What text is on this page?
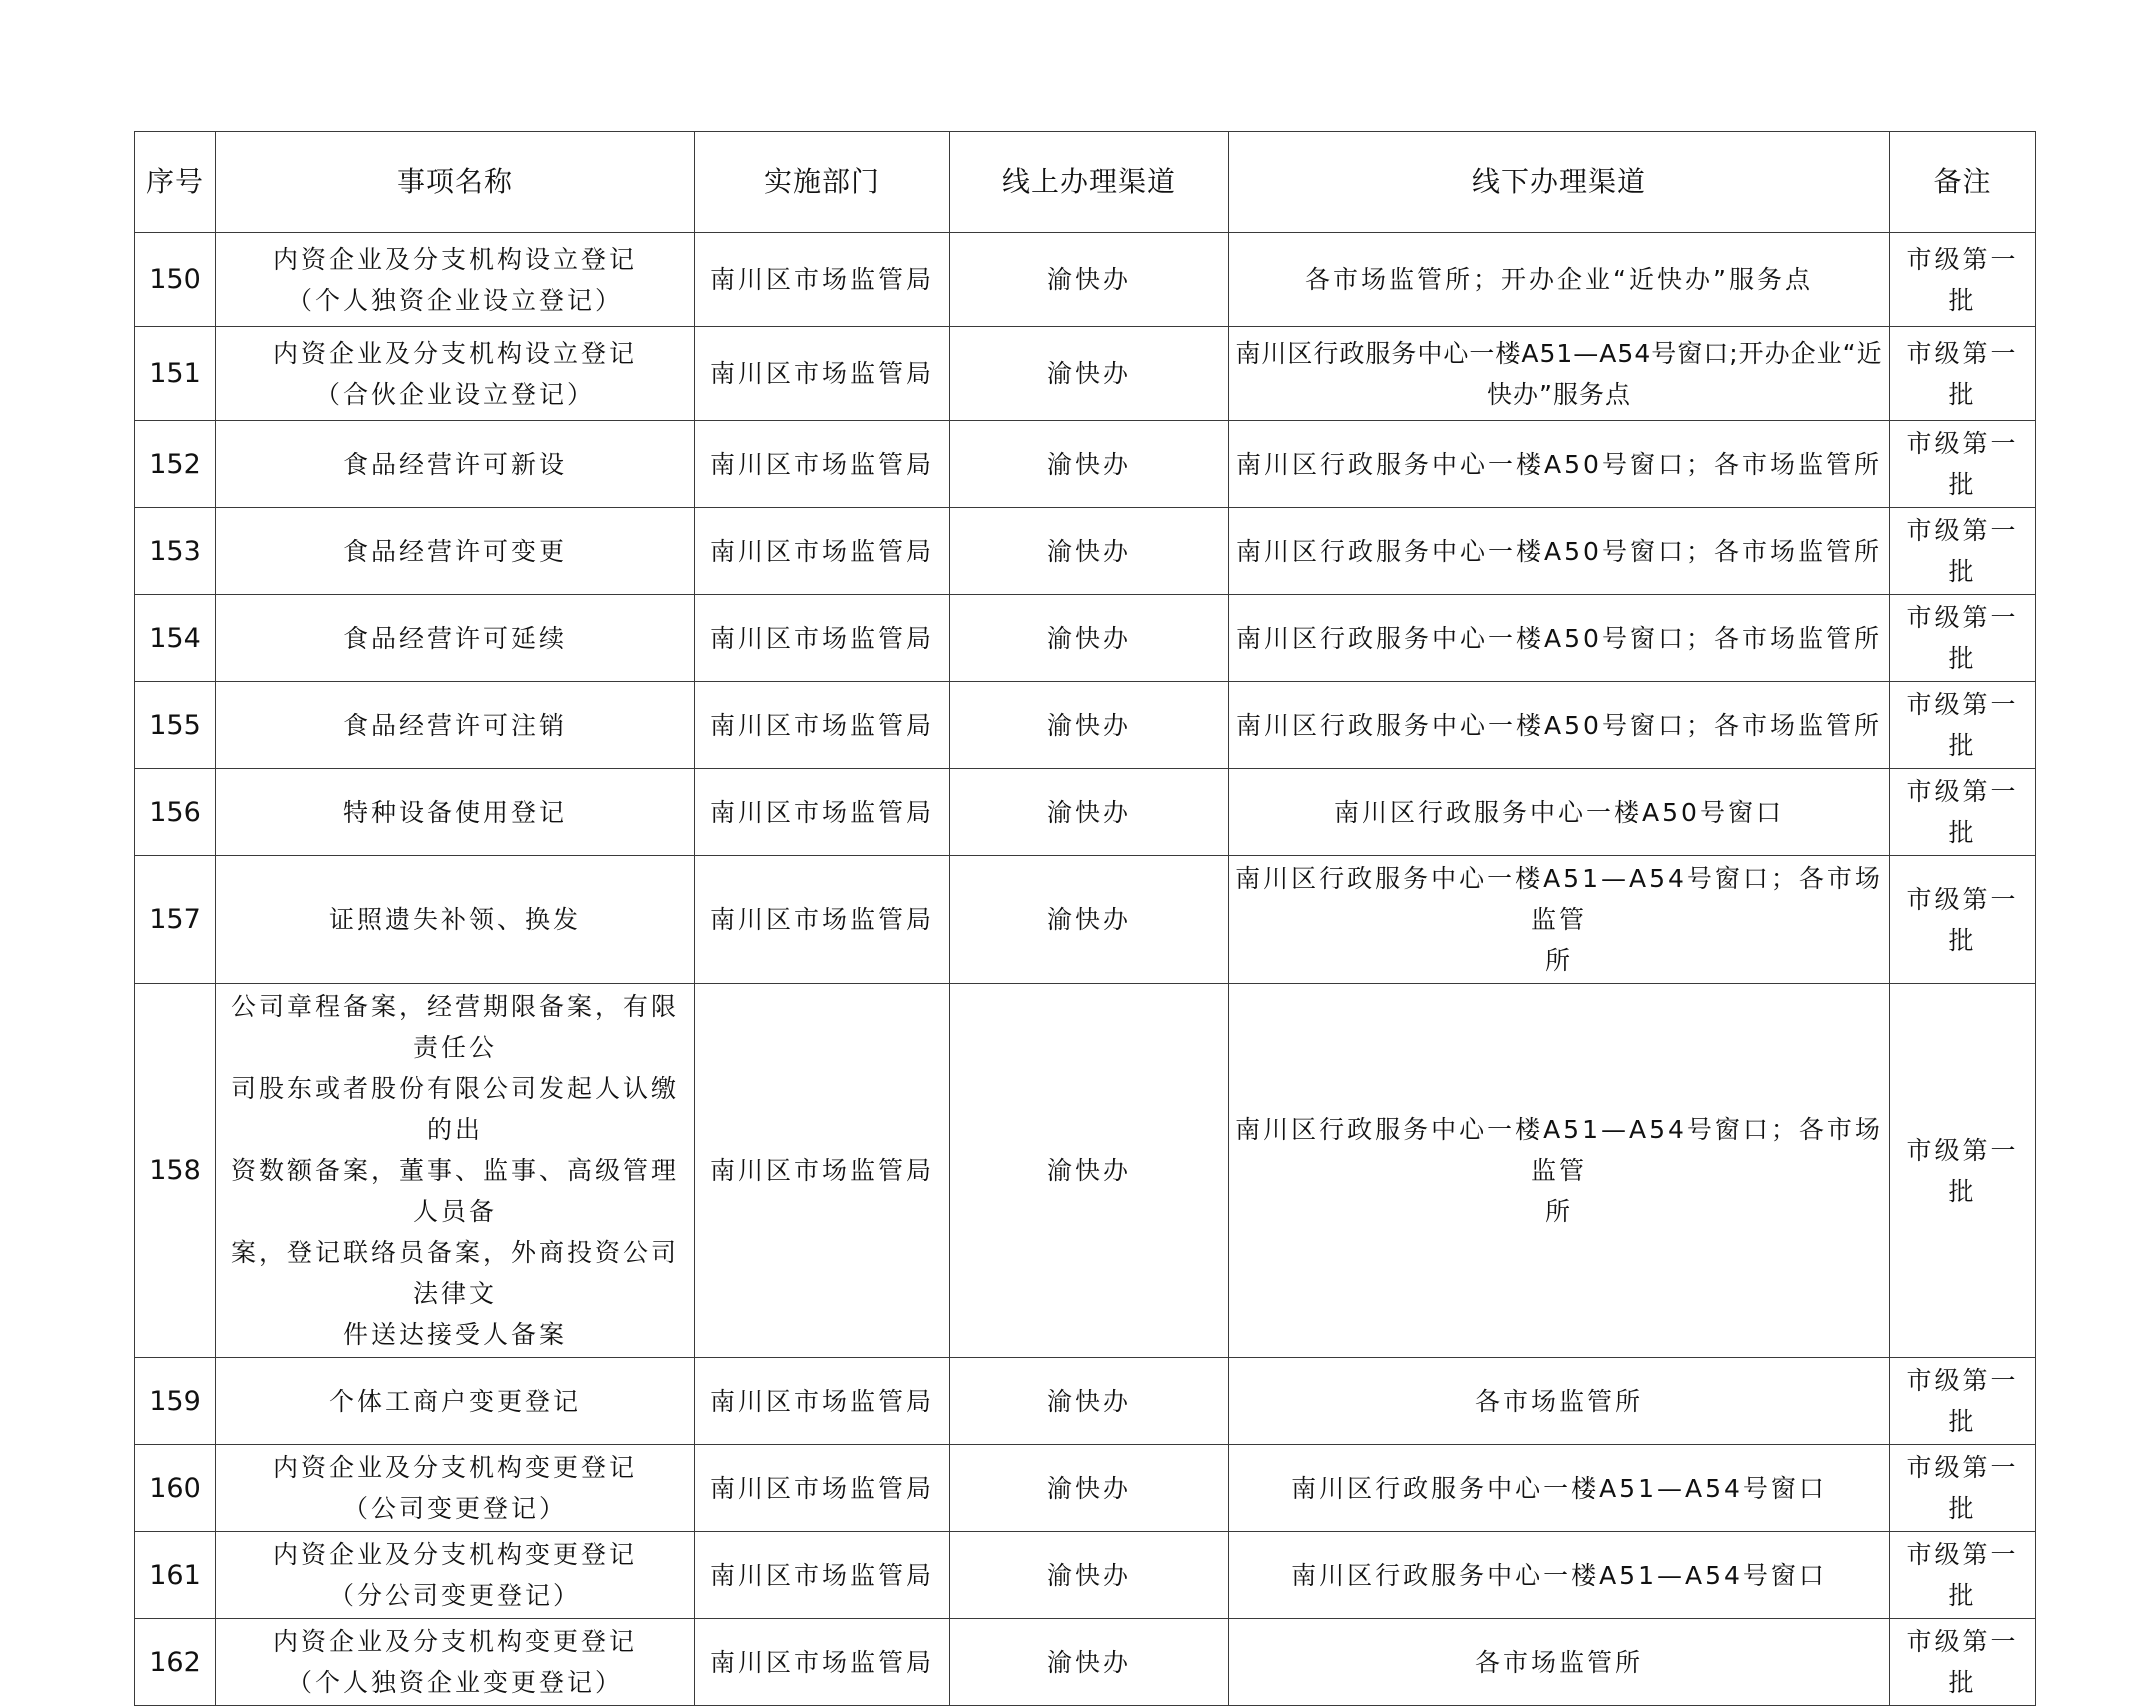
序号	事项名称	实施部门	线上办理渠道	线下办理渠道	备注
150	内资企业及分支机构设立登记
（个人独资企业设立登记）	南川区市场监管局	渝快办	各市场监管所；开办企业“近快办”服务点	市级第一批
151	内资企业及分支机构设立登记
（合伙企业设立登记）	南川区市场监管局	渝快办	南川区行政服务中心一楼A51—A54号窗口;开办企业“近
快办”服务点	市级第一批
152	食品经营许可新设	南川区市场监管局	渝快办	南川区行政服务中心一楼A50号窗口；各市场监管所	市级第一批
153	食品经营许可变更	南川区市场监管局	渝快办	南川区行政服务中心一楼A50号窗口；各市场监管所	市级第一批
154	食品经营许可延续	南川区市场监管局	渝快办	南川区行政服务中心一楼A50号窗口；各市场监管所	市级第一批
155	食品经营许可注销	南川区市场监管局	渝快办	南川区行政服务中心一楼A50号窗口；各市场监管所	市级第一批
156	特种设备使用登记	南川区市场监管局	渝快办	南川区行政服务中心一楼A50号窗口	市级第一批
157	证照遗失补领、换发	南川区市场监管局	渝快办	南川区行政服务中心一楼A51—A54号窗口；各市场监管
所	市级第一批
158	公司章程备案，经营期限备案，有限责任公
司股东或者股份有限公司发起人认缴的出
资数额备案，董事、监事、高级管理人员备
案，登记联络员备案，外商投资公司法律文
件送达接受人备案	南川区市场监管局	渝快办	南川区行政服务中心一楼A51—A54号窗口；各市场监管
所	市级第一批
159	个体工商户变更登记	南川区市场监管局	渝快办	各市场监管所	市级第一批
160	内资企业及分支机构变更登记
（公司变更登记）	南川区市场监管局	渝快办	南川区行政服务中心一楼A51—A54号窗口	市级第一批
161	内资企业及分支机构变更登记
（分公司变更登记）	南川区市场监管局	渝快办	南川区行政服务中心一楼A51—A54号窗口	市级第一批
162	内资企业及分支机构变更登记
（个人独资企业变更登记）	南川区市场监管局	渝快办	各市场监管所	市级第一批
